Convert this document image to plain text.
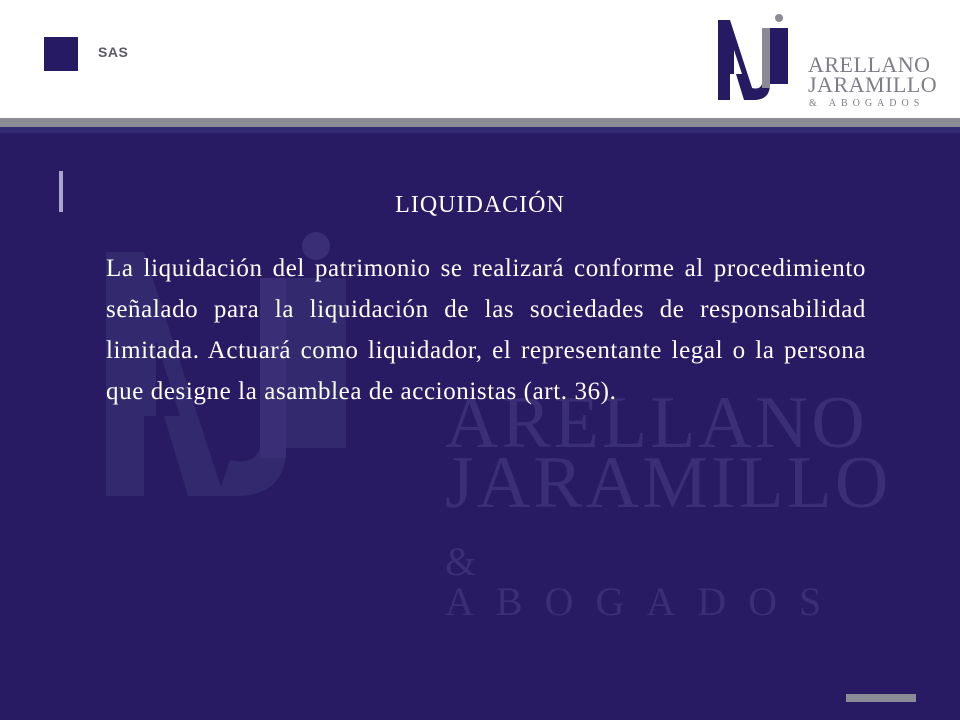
SAS	ARELLANO
JARAMILLO
& ABOGADOS
ARELLANO
JARAMILLO
& ABOGADOS
LIQUIDACIÓN
La liquidación del patrimonio se realizará conforme al procedimiento señalado para la liquidación de las sociedades de responsabilidad limitada. Actuará como liquidador, el representante legal o la persona que designe la asamblea de accionistas (art. 36).
